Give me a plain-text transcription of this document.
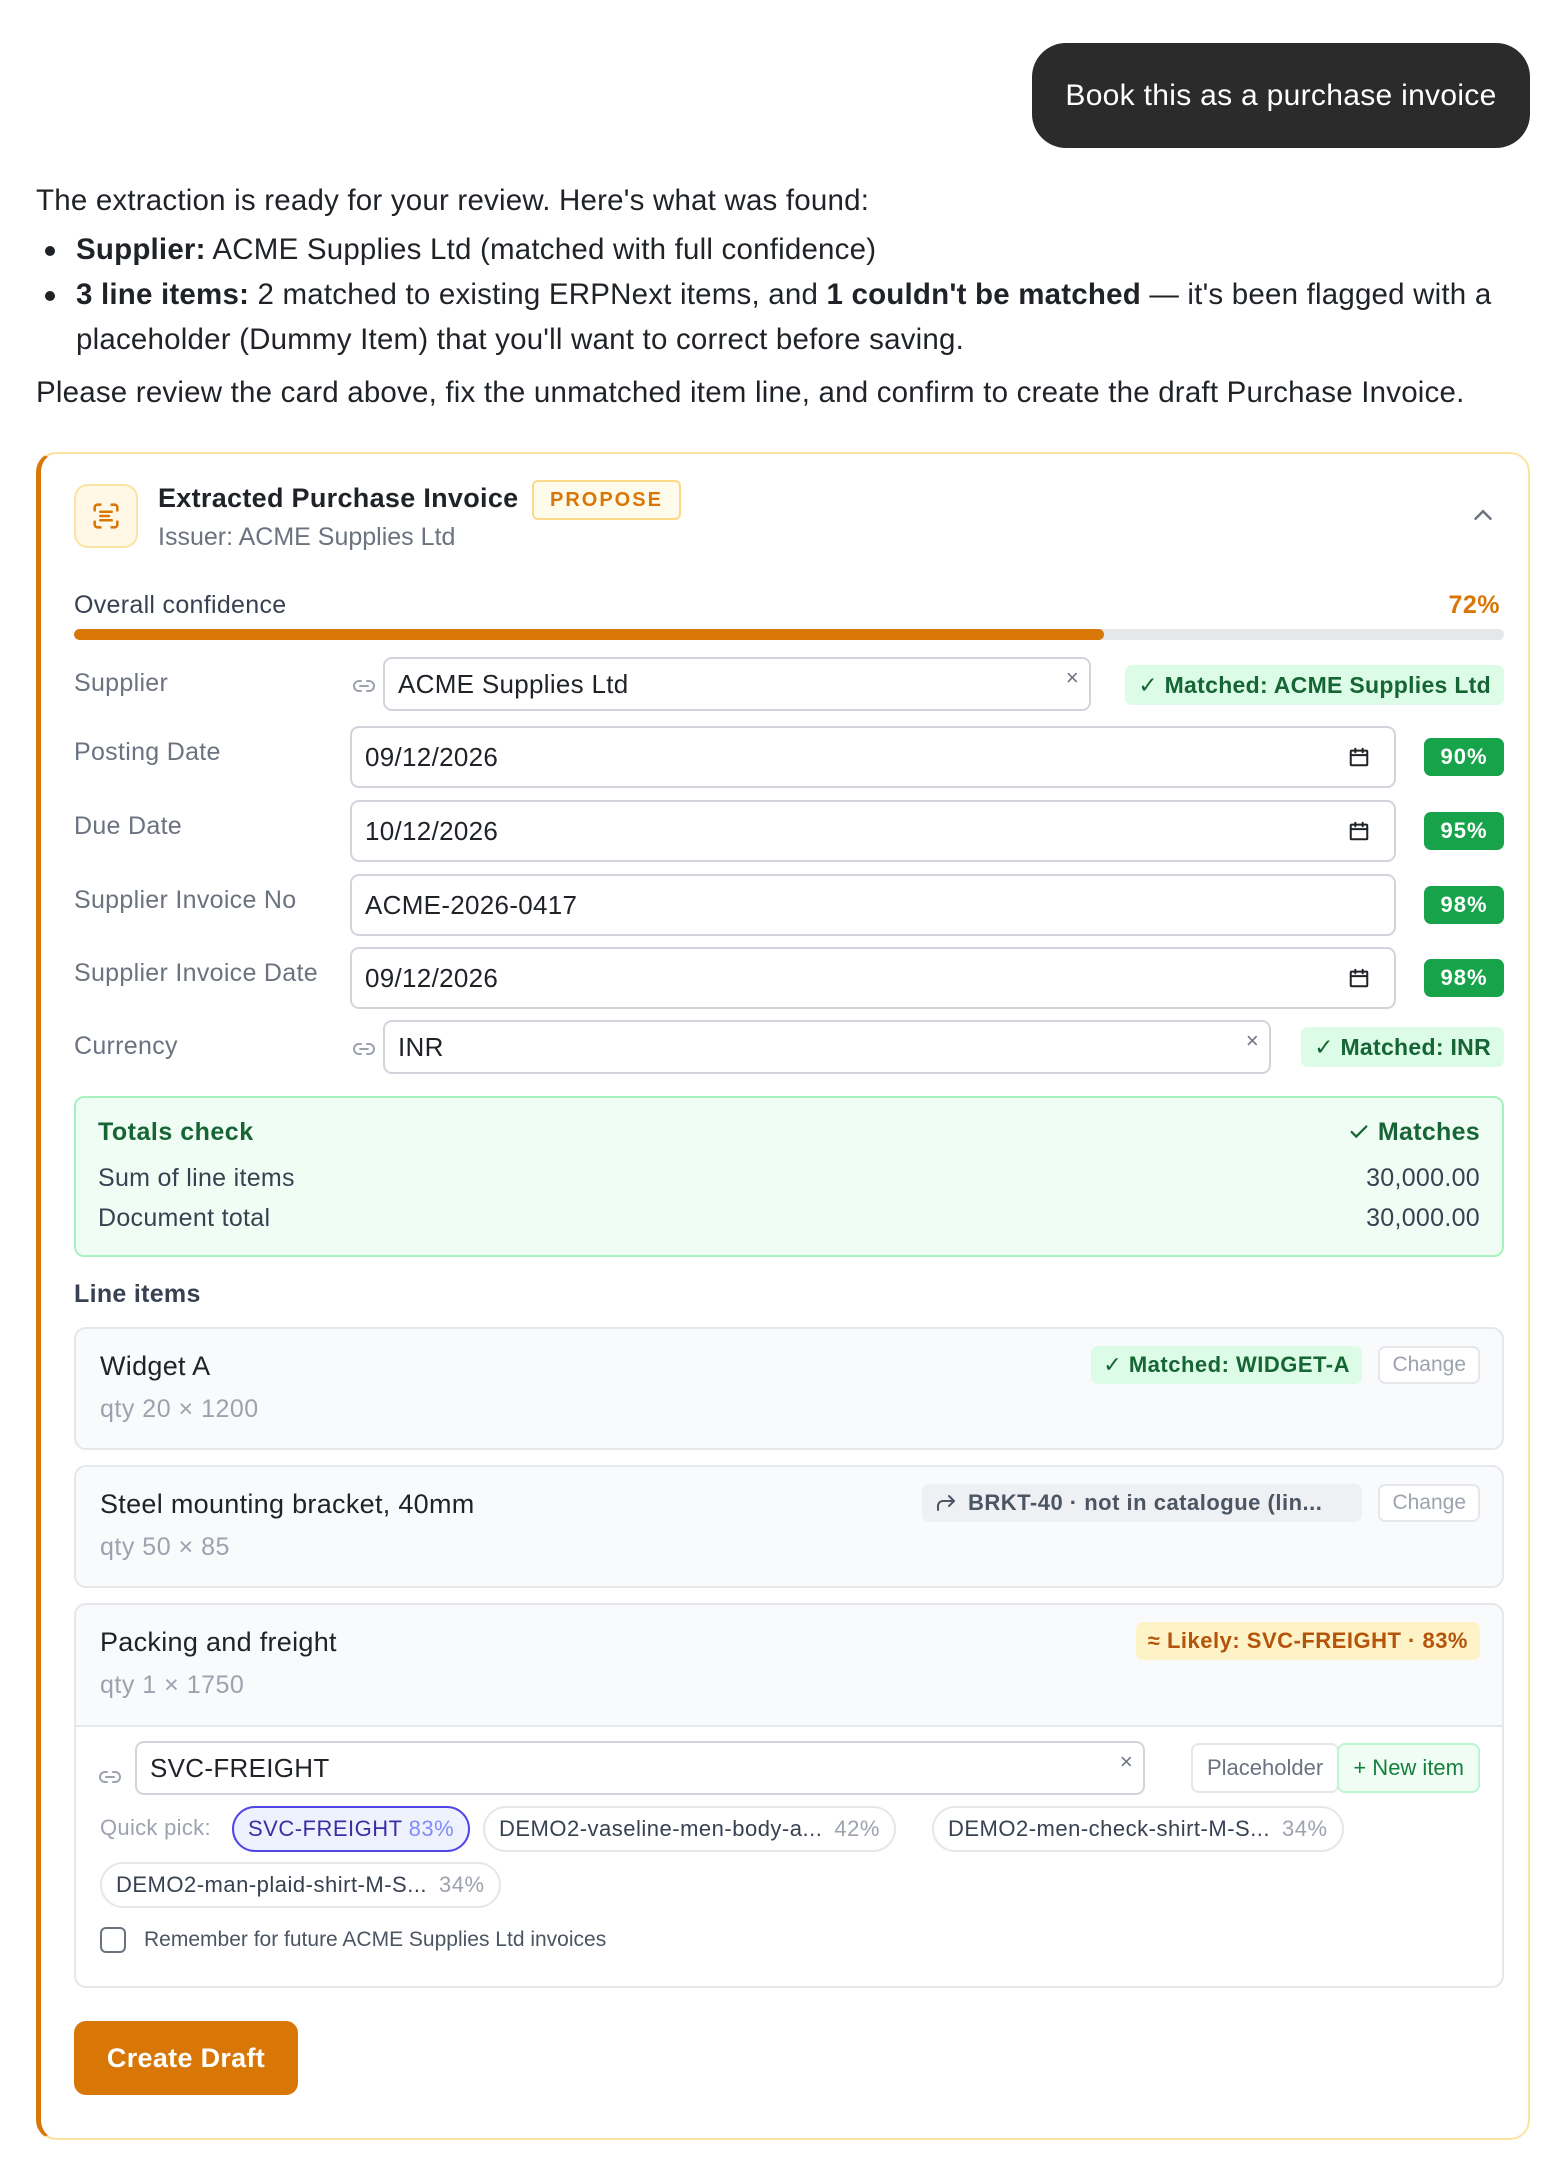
Book this as a purchase invoice

The extraction is ready for your review. Here's what was found:

Supplier: ACME Supplies Ltd (matched with full confidence)
3 line items: 2 matched to existing ERPNext items, and 1 couldn't be matched — it's been flagged with a placeholder (Dummy Item) that you'll want to correct before saving.

Please review the card above, fix the unmatched item line, and confirm to create the draft Purchase Invoice.

Extracted Purchase Invoice	PROPOSE
Issuer: ACME Supplies Ltd
Overall confidence	72%
Supplier	ACME Supplies Ltd	×	✓ Matched: ACME Supplies Ltd
Posting Date	09/12/2026	90%
Due Date	10/12/2026	95%
Supplier Invoice No	ACME-2026-0417	98%
Supplier Invoice Date 09/12/2026	98%
Currency	INR	×	✓ Matched: INR
Totals check	Matches
Sum of line items	30,000.00
Document total	30,000.00
Line items
Widget A
qty 20 × 1200
✓ Matched: WIDGET-A	Change
Steel mounting bracket, 40mm
qty 50 × 85
BRKT-40 · not in catalogue (lin...	Change
Packing and freight
qty 1 × 1750
≈ Likely: SVC-FREIGHT · 83%
SVC-FREIGHT	×	Placeholder	+ New item
Quick pick: SVC-FREIGHT 83% DEMO2-vaseline-men-body-a... 42%	DEMO2-men-check-shirt-M-S... 34%
DEMO2-man-plaid-shirt-M-S... 34%
Remember for future ACME Supplies Ltd invoices
Create Draft
